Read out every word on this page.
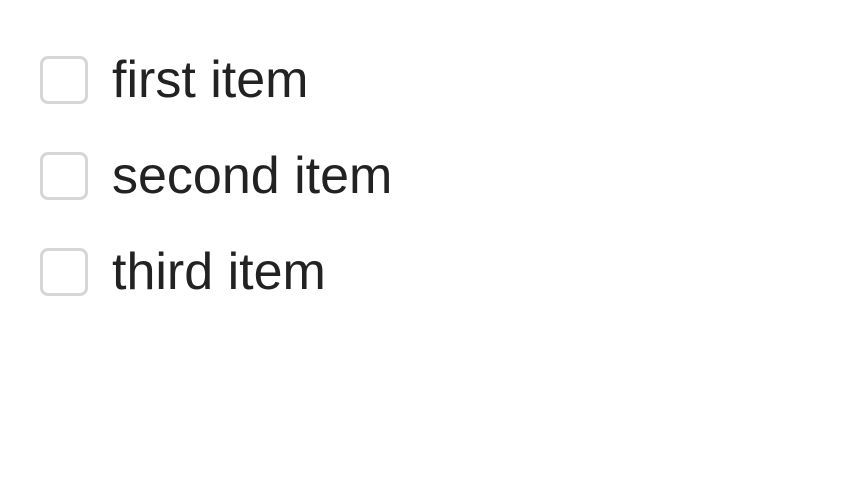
first item
second item
third item
